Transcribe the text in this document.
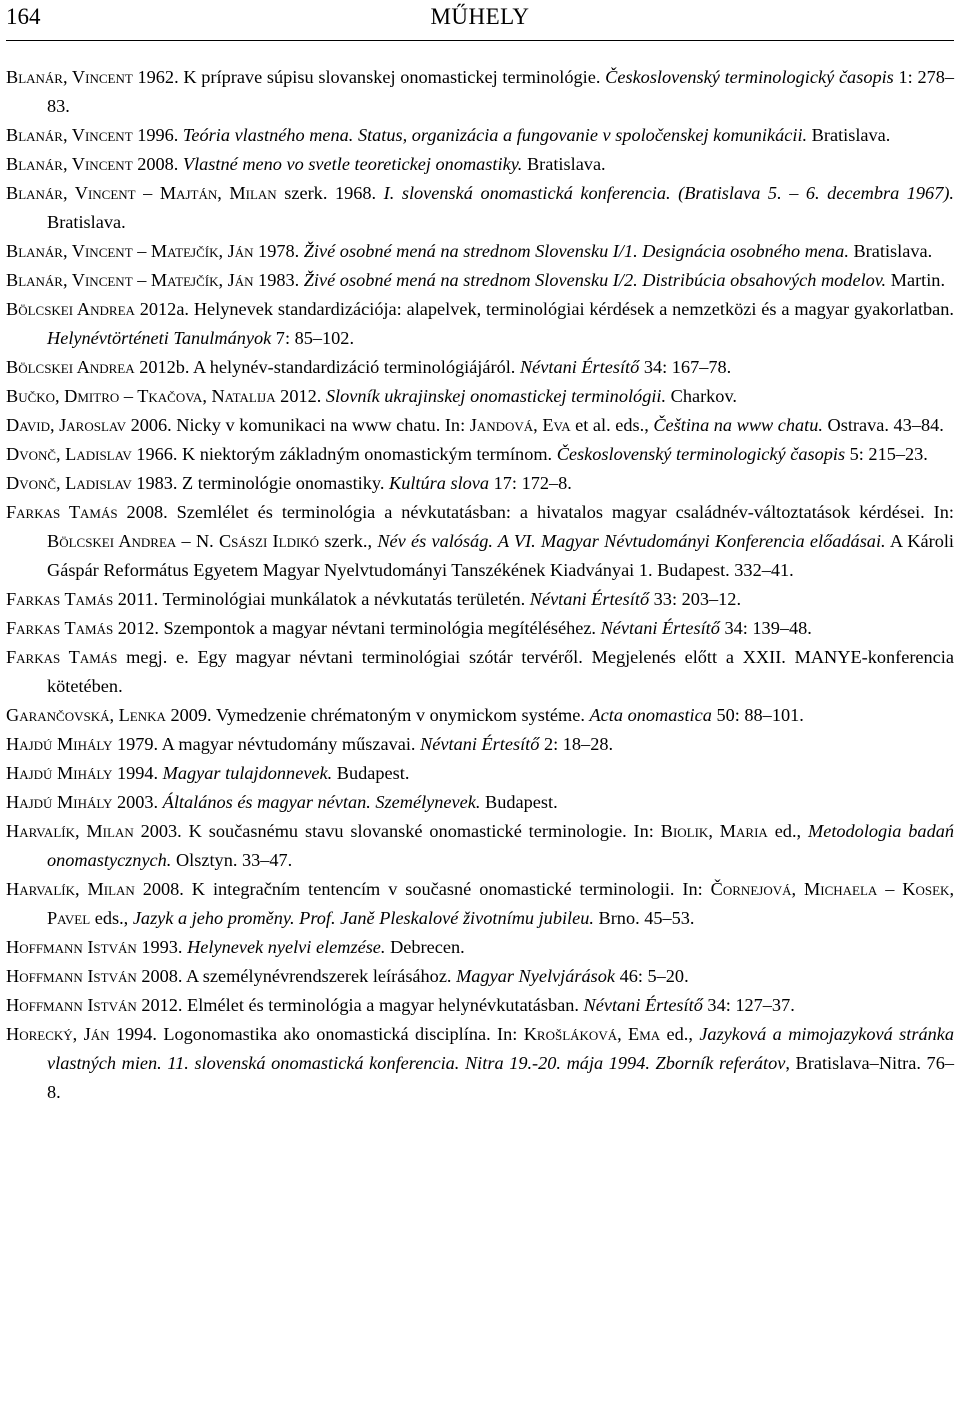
164	MŰHELY
Blanár, Vincent 1962. K príprave súpisu slovanskej onomastickej terminológie. Československý terminologický časopis 1: 278–83.
Blanár, Vincent 1996. Teória vlastného mena. Status, organizácia a fungovanie v spoločenskej komunikácii. Bratislava.
Blanár, Vincent 2008. Vlastné meno vo svetle teoretickej onomastiky. Bratislava.
Blanár, Vincent – Majtán, Milan szerk. 1968. I. slovenská onomastická konferencia. (Bratislava 5. – 6. decembra 1967). Bratislava.
Blanár, Vincent – Matejčík, Ján 1978. Živé osobné mená na strednom Slovensku I/1. Designácia osobného mena. Bratislava.
Blanár, Vincent – Matejčík, Ján 1983. Živé osobné mená na strednom Slovensku I/2. Distribúcia obsahových modelov. Martin.
Bölcskei Andrea 2012a. Helynevek standardizációja: alapelvek, terminológiai kérdések a nemzetközi és a magyar gyakorlatban. Helynévtörténeti Tanulmányok 7: 85–102.
Bölcskei Andrea 2012b. A helynév-standardizáció terminológiájáról. Névtani Értesítő 34: 167–78.
Bučko, Dmitro – Tkačova, Natalija 2012. Slovník ukrajinskej onomastickej terminológii. Charkov.
David, Jaroslav 2006. Nicky v komunikaci na www chatu. In: Jandová, Eva et al. eds., Čeština na www chatu. Ostrava. 43–84.
Dvonč, Ladislav 1966. K niektorým základným onomastickým termínom. Československý terminologický časopis 5: 215–23.
Dvonč, Ladislav 1983. Z terminológie onomastiky. Kultúra slova 17: 172–8.
Farkas Tamás 2008. Szemlélet és terminológia a névkutatásban: a hivatalos magyar családnév-változtatások kérdései. In: Bölcskei Andrea – N. Császi Ildikó szerk., Név és valóság. A VI. Magyar Névtudományi Konferencia előadásai. A Károli Gáspár Református Egyetem Magyar Nyelvtudományi Tanszékének Kiadványai 1. Budapest. 332–41.
Farkas Tamás 2011. Terminológiai munkálatok a névkutatás területén. Névtani Értesítő 33: 203–12.
Farkas Tamás 2012. Szempontok a magyar névtani terminológia megítéléséhez. Névtani Értesítő 34: 139–48.
Farkas Tamás megj. e. Egy magyar névtani terminológiai szótár tervéről. Megjelenés előtt a XXII. MANYE-konferencia kötetében.
Garančovská, Lenka 2009. Vymedzenie chrématoným v onymickom systéme. Acta onomastica 50: 88–101.
Hajdú Mihály 1979. A magyar névtudomány műszavai. Névtani Értesítő 2: 18–28.
Hajdú Mihály 1994. Magyar tulajdonnevek. Budapest.
Hajdú Mihály 2003. Általános és magyar névtan. Személynevek. Budapest.
Harvalík, Milan 2003. K současnému stavu slovanské onomastické terminologie. In: Biolik, Maria ed., Metodologia badań onomastycznych. Olsztyn. 33–47.
Harvalík, Milan 2008. K integračním tentencím v současné onomastické terminologii. In: Čornejová, Michaela – Kosek, Pavel eds., Jazyk a jeho proměny. Prof. Janě Pleskalové životnímu jubileu. Brno. 45–53.
Hoffmann István 1993. Helynevek nyelvi elemzése. Debrecen.
Hoffmann István 2008. A személynévrendszerek leírásához. Magyar Nyelvjárások 46: 5–20.
Hoffmann István 2012. Elmélet és terminológia a magyar helynévkutatásban. Névtani Értesítő 34: 127–37.
Horecký, Ján 1994. Logonomastika ako onomastická disciplína. In: Krošláková, Ema ed., Jazyková a mimojazyková stránka vlastných mien. 11. slovenská onomastická konferencia. Nitra 19.-20. mája 1994. Zborník referátov, Bratislava–Nitra. 76–8.
